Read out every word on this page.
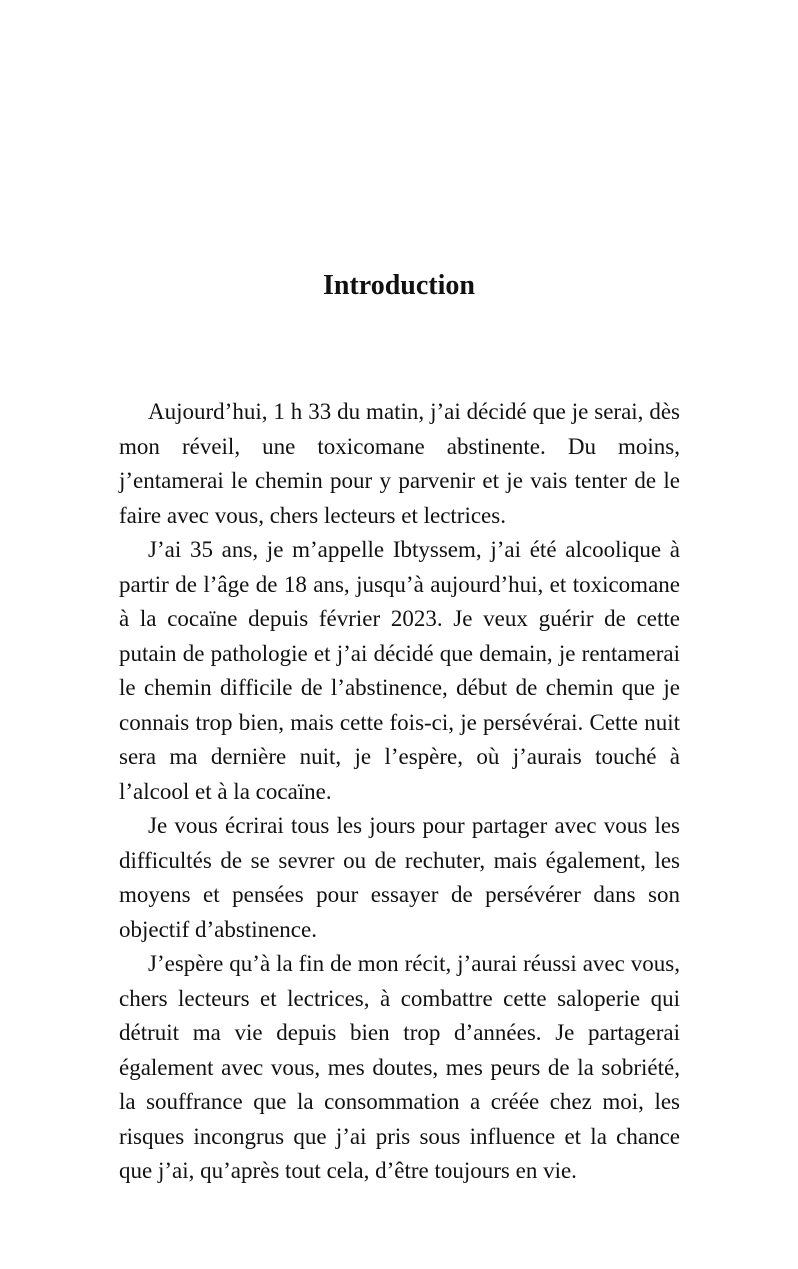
Introduction

Aujourd’hui, 1 h 33 du matin, j’ai décidé que je serai, dès mon réveil, une toxicomane abstinente. Du moins, j’entamerai le chemin pour y parvenir et je vais tenter de le faire avec vous, chers lecteurs et lectrices.

J’ai 35 ans, je m’appelle Ibtyssem, j’ai été alcoolique à partir de l’âge de 18 ans, jusqu’à aujourd’hui, et toxicomane à la cocaïne depuis février 2023. Je veux guérir de cette putain de pathologie et j’ai décidé que demain, je rentamerai le chemin difficile de l’abstinence, début de chemin que je connais trop bien, mais cette fois-ci, je persévérai. Cette nuit sera ma dernière nuit, je l’espère, où j’aurais touché à l’alcool et à la cocaïne.

Je vous écrirai tous les jours pour partager avec vous les difficultés de se sevrer ou de rechuter, mais également, les moyens et pensées pour essayer de persévérer dans son objectif d’abstinence.

J’espère qu’à la fin de mon récit, j’aurai réussi avec vous, chers lecteurs et lectrices, à combattre cette saloperie qui détruit ma vie depuis bien trop d’années. Je partagerai également avec vous, mes doutes, mes peurs de la sobriété, la souffrance que la consommation a créée chez moi, les risques incongrus que j’ai pris sous influence et la chance que j’ai, qu’après tout cela, d’être toujours en vie.
